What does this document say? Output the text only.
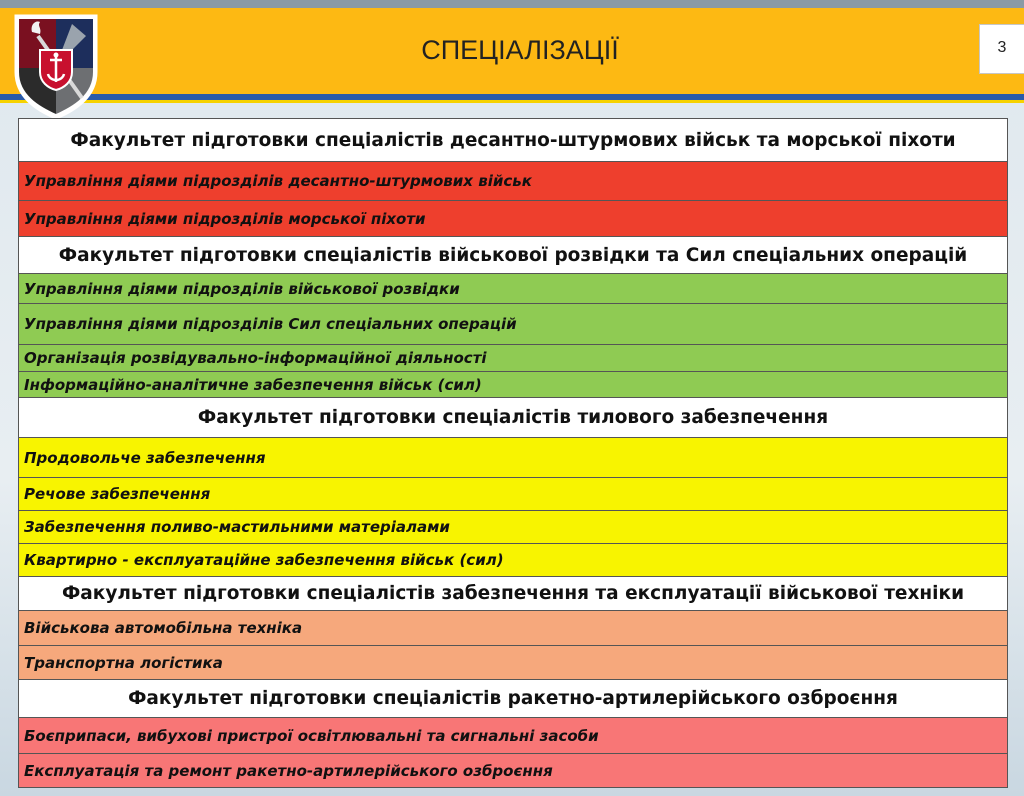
СПЕЦІАЛІЗАЦІЇ	3
Факультет підготовки спеціалістів десантно-штурмових військ та морської піхоти
Управління діями підрозділів десантно-штурмових військ
Управління діями підрозділів морської піхоти
Факультет підготовки спеціалістів військової розвідки та Сил спеціальних операцій
Управління діями підрозділів військової розвідки
Управління діями підрозділів Сил спеціальних операцій
Організація розвідувально-інформаційної діяльності
Інформаційно-аналітичне забезпечення військ (сил)
Факультет підготовки спеціалістів тилового забезпечення
Продовольче забезпечення
Речове забезпечення
Забезпечення поливо-мастильними матеріалами
Квартирно - експлуатаційне забезпечення військ (сил)
Факультет підготовки спеціалістів забезпечення та експлуатації військової техніки
Військова автомобільна техніка
Транспортна логістика
Факультет підготовки спеціалістів ракетно-артилерійського озброєння
Боєприпаси, вибухові пристрої освітлювальні та сигнальні засоби
Експлуатація та ремонт ракетно-артилерійського озброєння
